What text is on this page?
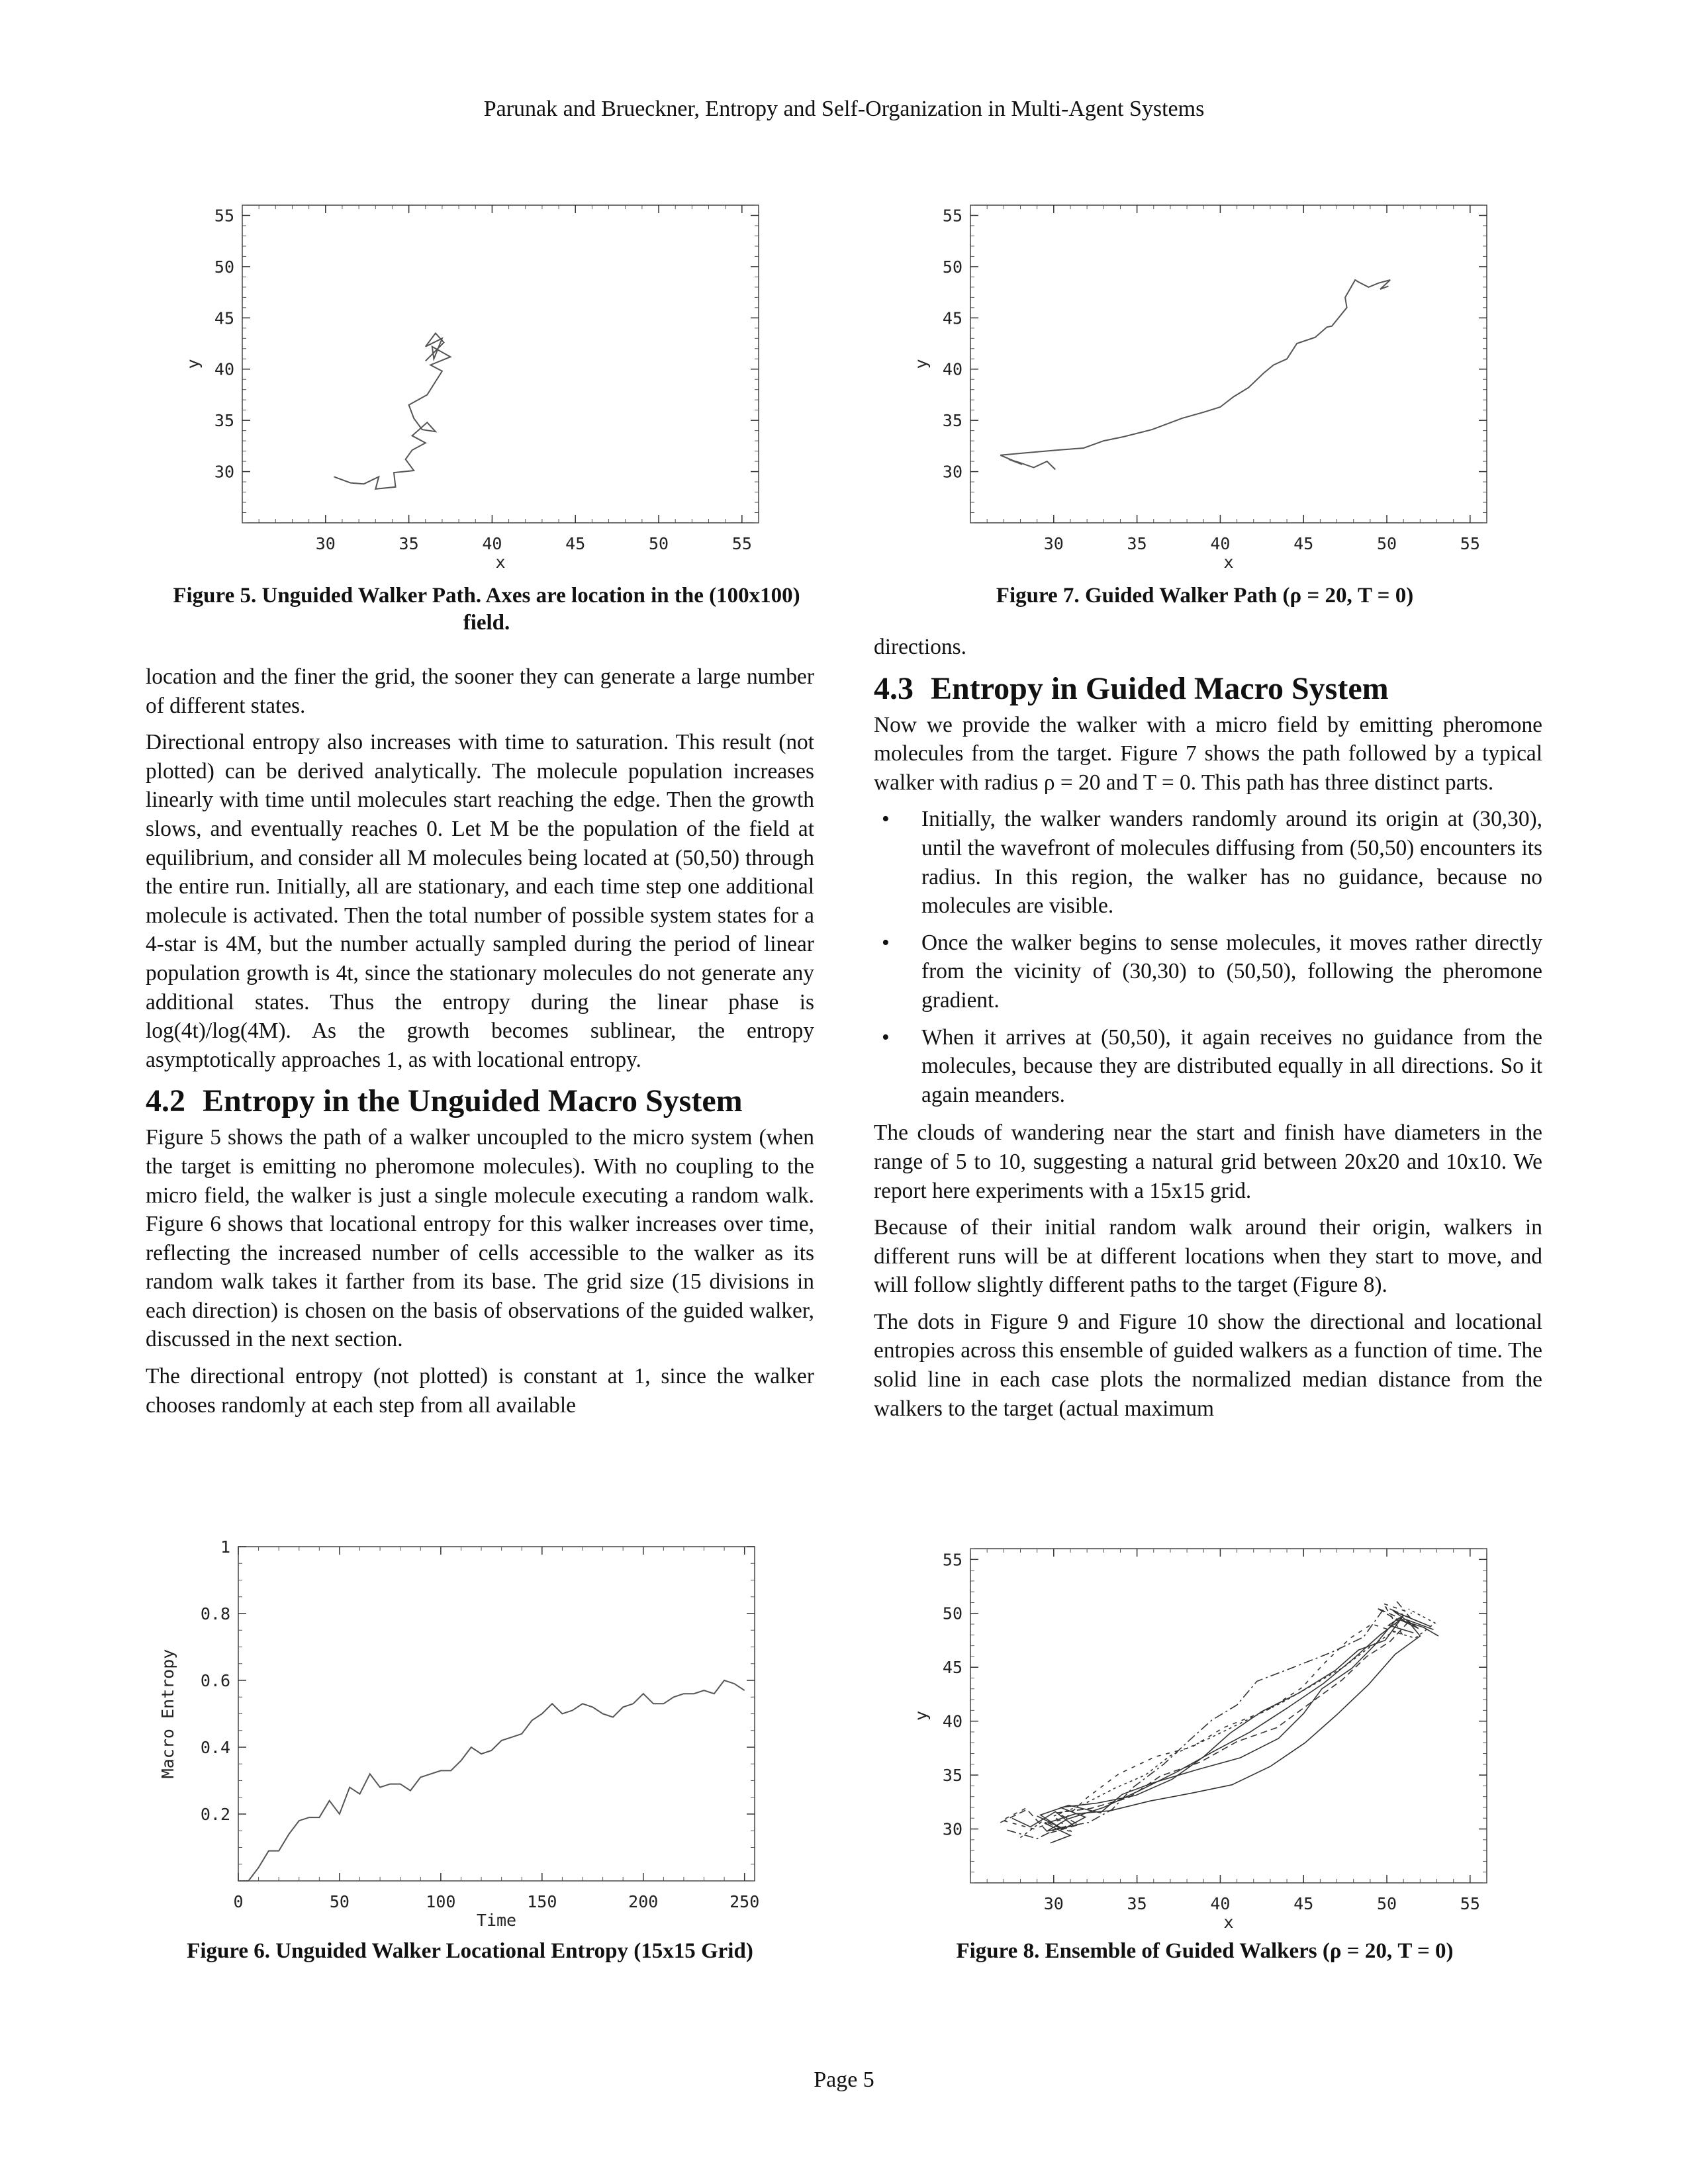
Parunak and Brueckner, Entropy and Self-Organization in Multi-Agent Systems
30	35	40	45	50	55
30
35
40
45
50
55
x
y
Figure 5. Unguided Walker Path. Axes are location in the (100x100) field.
30	35	40	45	50	55
30
35
40
45
50
55
x
y
Figure 7. Guided Walker Path (ρ = 20, T = 0)

location and the finer the grid, the sooner they can generate a large number of different states.

Directional entropy also increases with time to saturation. This result (not plotted) can be derived analytically. The molecule population increases linearly with time until molecules start reaching the edge. Then the growth slows, and eventually reaches 0. Let M be the population of the field at equilibrium, and consider all M molecules being located at (50,50) through the entire run. Initially, all are stationary, and each time step one additional molecule is activated. Then the total number of possible system states for a 4-star is 4M, but the number actually sampled during the period of linear population growth is 4t, since the stationary molecules do not generate any additional states. Thus the entropy during the linear phase is log(4t)/log(4M). As the growth becomes sublinear, the entropy asymptotically approaches 1, as with locational entropy.

4.2 Entropy in the Unguided Macro System

Figure 5 shows the path of a walker uncoupled to the micro system (when the target is emitting no pheromone molecules). With no coupling to the micro field, the walker is just a single molecule executing a random walk. Figure 6 shows that locational entropy for this walker increases over time, reflecting the increased number of cells accessible to the walker as its random walk takes it farther from its base. The grid size (15 divisions in each direction) is chosen on the basis of observations of the guided walker, discussed in the next section.

The directional entropy (not plotted) is constant at 1, since the walker chooses randomly at each step from all available

directions.

4.3 Entropy in Guided Macro System

Now we provide the walker with a micro field by emitting pheromone molecules from the target. Figure 7 shows the path followed by a typical walker with radius ρ = 20 and T = 0. This path has three distinct parts.

• Initially, the walker wanders randomly around its origin at (30,30), until the wavefront of molecules diffusing from (50,50) encounters its radius. In this region, the walker has no guidance, because no molecules are visible.
• Once the walker begins to sense molecules, it moves rather directly from the vicinity of (30,30) to (50,50), following the pheromone gradient.
• When it arrives at (50,50), it again receives no guidance from the molecules, because they are distributed equally in all directions. So it again meanders.

The clouds of wandering near the start and finish have diameters in the range of 5 to 10, suggesting a natural grid between 20x20 and 10x10. We report here experiments with a 15x15 grid.

Because of their initial random walk around their origin, walkers in different runs will be at different locations when they start to move, and will follow slightly different paths to the target (Figure 8).

The dots in Figure 9 and Figure 10 show the directional and locational entropies across this ensemble of guided walkers as a function of time. The solid line in each case plots the normalized median distance from the walkers to the target (actual maximum

0	50	100	150	200	250
0.2
0.4
0.6
0.8
1
Time
Macro Entropy
Figure 6. Unguided Walker Locational Entropy (15x15 Grid)
30	35	40	45	50	55
30
35
40
45
50
55
x
y
Figure 8. Ensemble of Guided Walkers (ρ = 20, T = 0)
Page 5
